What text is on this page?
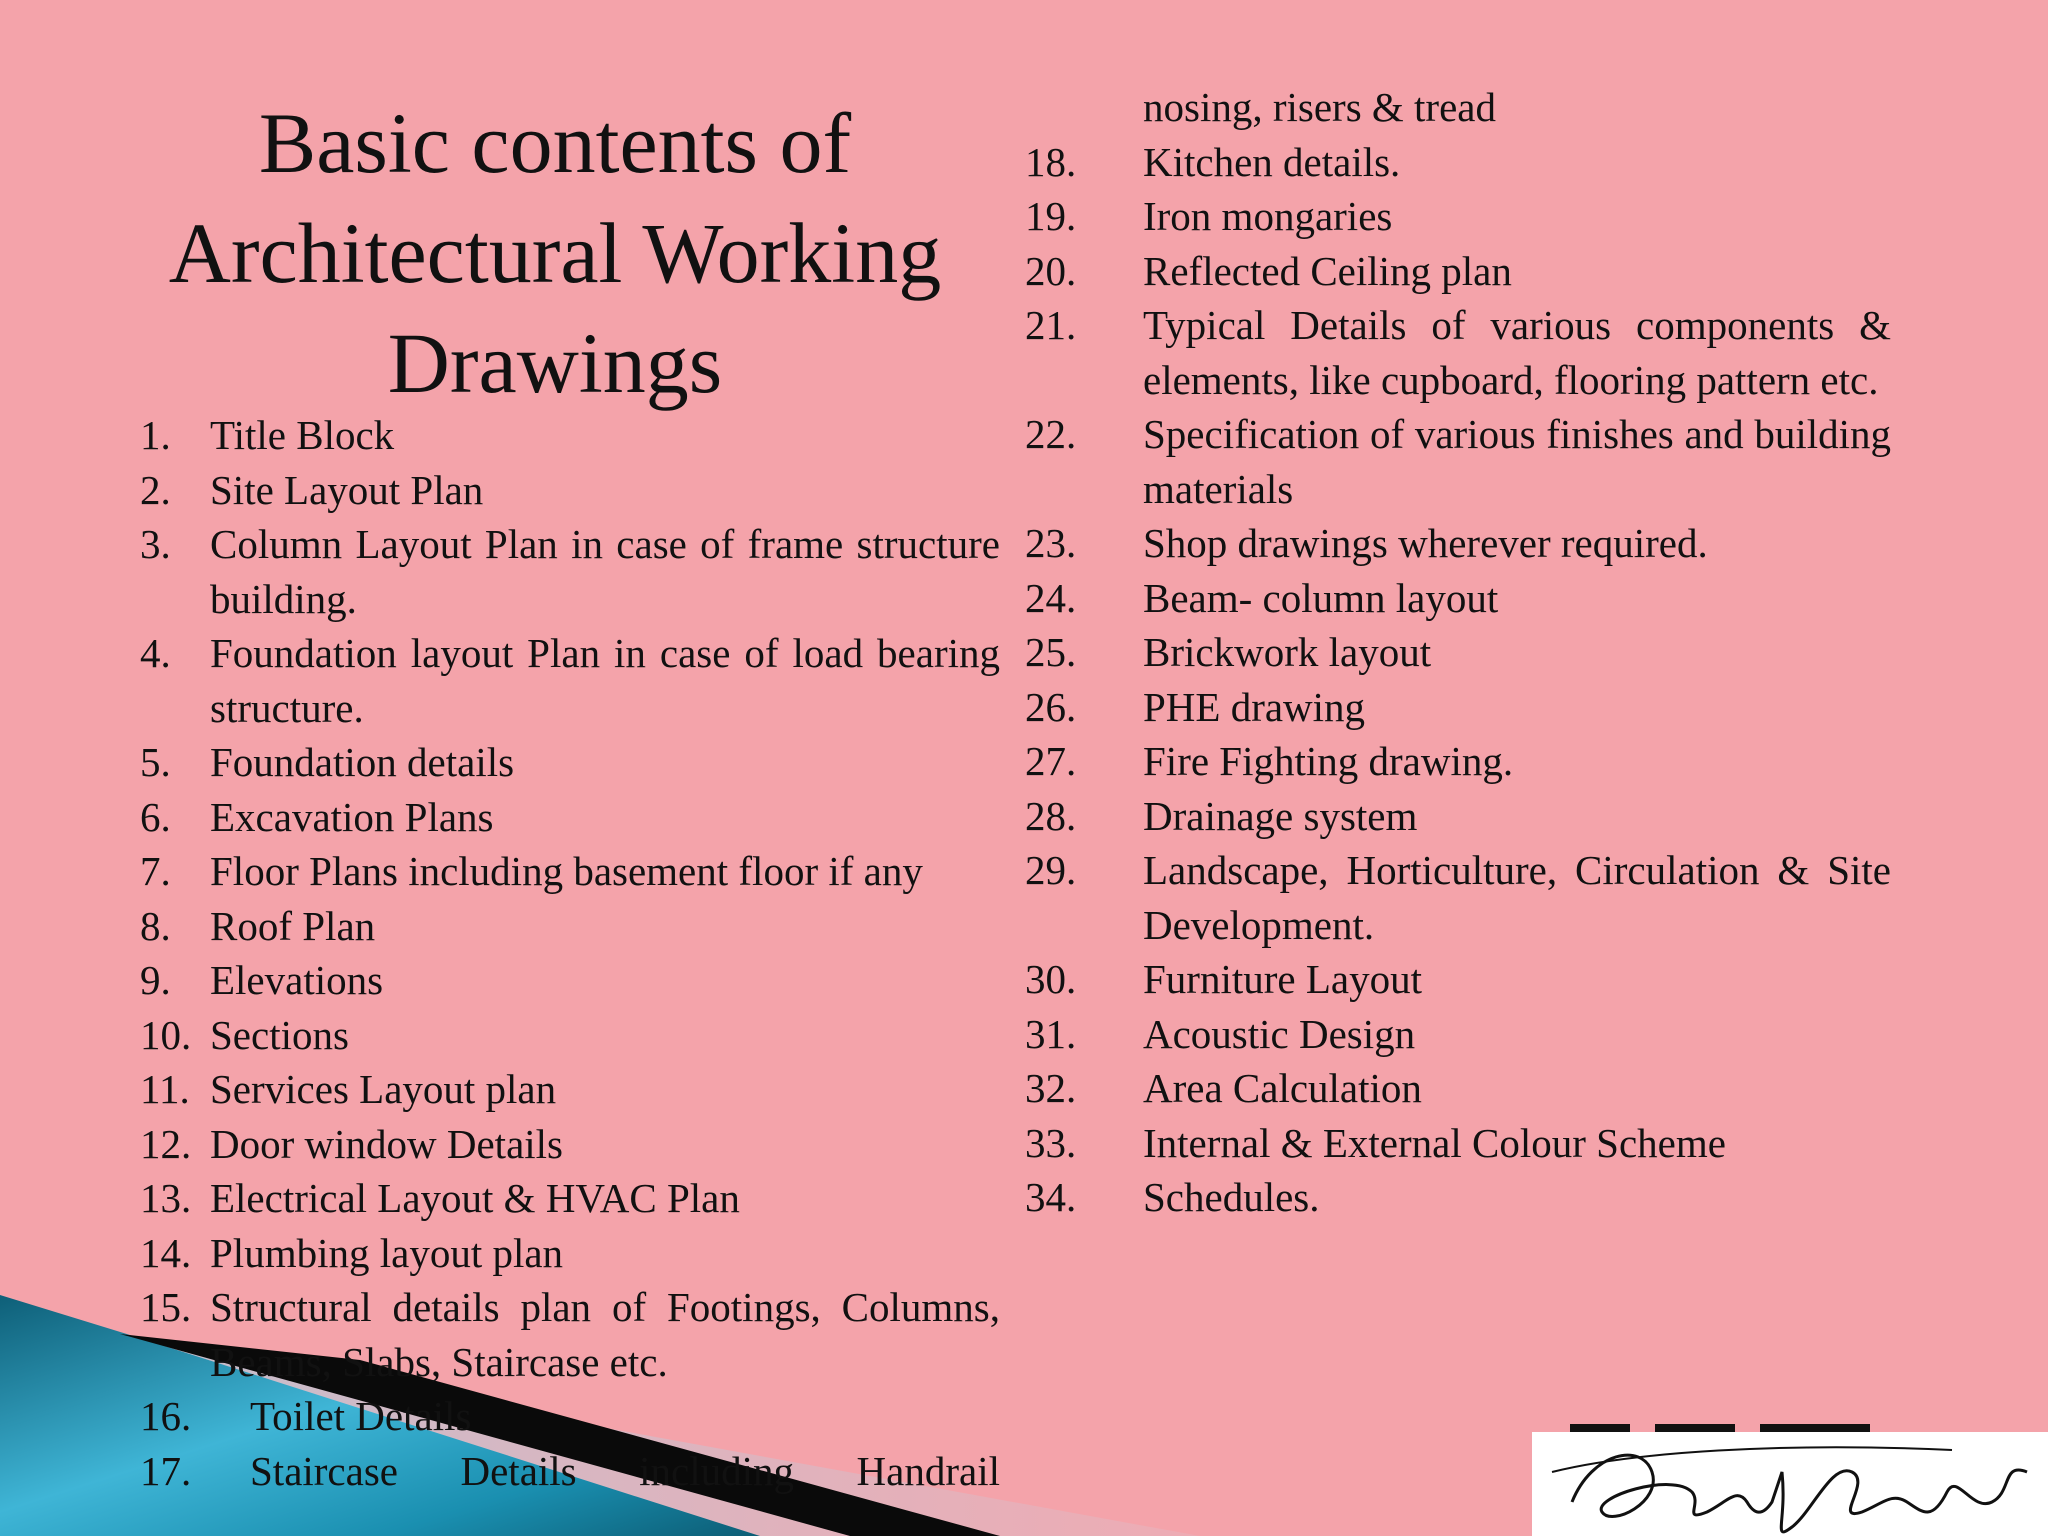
Basic contents of Architectural Working Drawings
1. Title Block
2. Site Layout Plan
3. Column Layout Plan in case of frame structure building.
4. Foundation layout Plan in case of load bearing structure.
5. Foundation details
6. Excavation Plans
7. Floor Plans including basement floor if any
8. Roof Plan
9. Elevations
10. Sections
11. Services Layout plan
12. Door window Details
13. Electrical Layout & HVAC Plan
14. Plumbing layout plan
15. Structural details plan of Footings, Columns, Beams, Slabs, Staircase etc.
16.	Toilet Details
17.	Staircase Details including Handrail
nosing, risers & tread
18.	Kitchen details.
19.	Iron mongaries
20.	Reflected Ceiling plan
21.	Typical Details of various components & elements, like cupboard, flooring pattern etc.
22.	Specification of various finishes and building materials
23.	Shop drawings wherever required.
24.	Beam- column layout
25.	Brickwork layout
26.	PHE drawing
27.	Fire Fighting drawing.
28.	Drainage system
29.	Landscape, Horticulture, Circulation & Site Development.
30.	Furniture Layout
31.	Acoustic Design
32.	Area Calculation
33.	Internal & External Colour Scheme
34.	Schedules.
